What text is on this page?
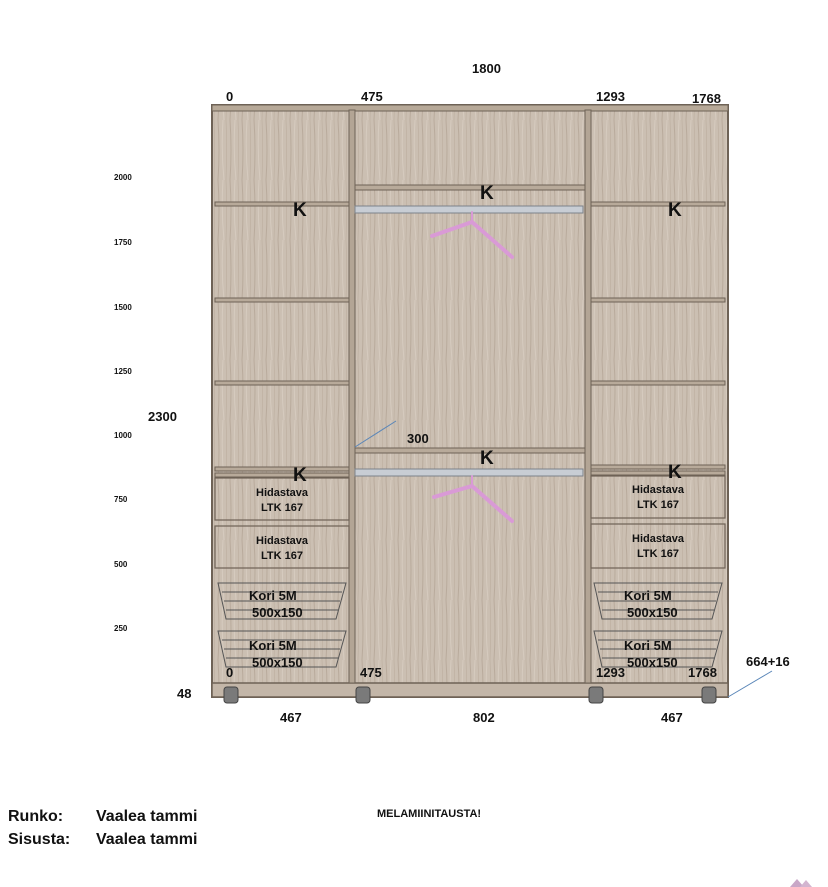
1800
0	475	1293	1768
2300
300
0	475	1293	1768
664+16
48
467	802	467
2000
1750
1500
1250
1000
750
500
250
K
K
K
K
K
K
Hidastava
LTK 167
Hidastava
LTK 167
Hidastava
LTK 167
Hidastava
LTK 167
Kori 5M
500x150
Kori 5M
500x150
Kori 5M
500x150
Kori 5M
500x150
MELAMIINITAUSTA!
Runko: Vaalea tammi
Sisusta: Vaalea tammi
